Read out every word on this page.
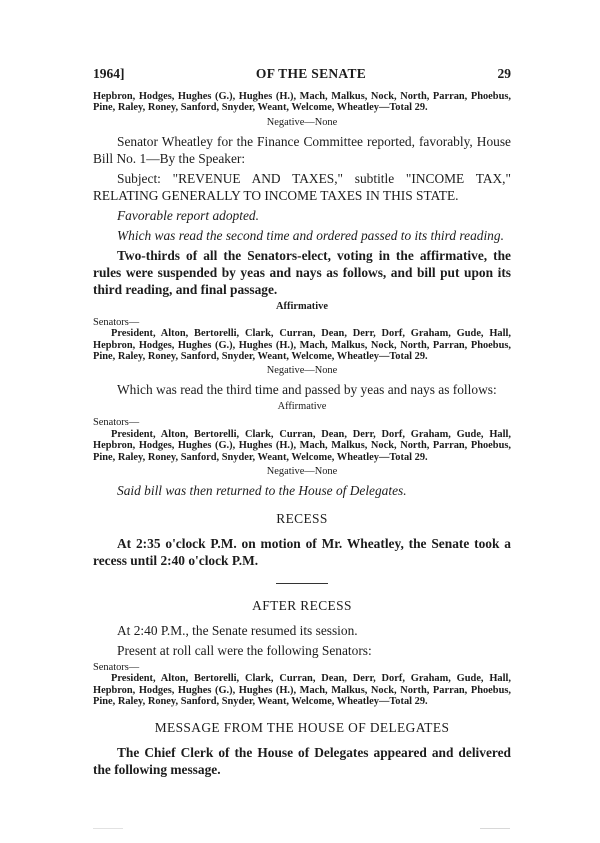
1964]	OF THE SENATE	29
Hepbron, Hodges, Hughes (G.), Hughes (H.), Mach, Malkus, Nock, North, Parran, Phoebus, Pine, Raley, Roney, Sanford, Snyder, Weant, Welcome, Wheatley—Total 29.
Negative—None

Senator Wheatley for the Finance Committee reported, favorably, House Bill No. 1—By the Speaker:

Subject: "REVENUE AND TAXES," subtitle "INCOME TAX," RELATING GENERALLY TO INCOME TAXES IN THIS STATE.

Favorable report adopted.

Which was read the second time and ordered passed to its third reading.

Two-thirds of all the Senators-elect, voting in the affirmative, the rules were suspended by yeas and nays as follows, and bill put upon its third reading, and final passage.

Affirmative
Senators—
President, Alton, Bertorelli, Clark, Curran, Dean, Derr, Dorf, Graham, Gude, Hall, Hepbron, Hodges, Hughes (G.), Hughes (H.), Mach, Malkus, Nock, North, Parran, Phoebus, Pine, Raley, Roney, Sanford, Snyder, Weant, Welcome, Wheatley—Total 29.
Negative—None

Which was read the third time and passed by yeas and nays as follows:

Affirmative
Senators—
President, Alton, Bertorelli, Clark, Curran, Dean, Derr, Dorf, Graham, Gude, Hall, Hepbron, Hodges, Hughes (G.), Hughes (H.), Mach, Malkus, Nock, North, Parran, Phoebus, Pine, Raley, Roney, Sanford, Snyder, Weant, Welcome, Wheatley—Total 29.
Negative—None

Said bill was then returned to the House of Delegates.

RECESS

At 2:35 o'clock P.M. on motion of Mr. Wheatley, the Senate took a recess until 2:40 o'clock P.M.

AFTER RECESS

At 2:40 P.M., the Senate resumed its session.

Present at roll call were the following Senators:

Senators—
President, Alton, Bertorelli, Clark, Curran, Dean, Derr, Dorf, Graham, Gude, Hall, Hepbron, Hodges, Hughes (G.), Hughes (H.), Mach, Malkus, Nock, North, Parran, Phoebus, Pine, Raley, Roney, Sanford, Snyder, Weant, Welcome, Wheatley—Total 29.
MESSAGE FROM THE HOUSE OF DELEGATES

The Chief Clerk of the House of Delegates appeared and delivered the following message.
